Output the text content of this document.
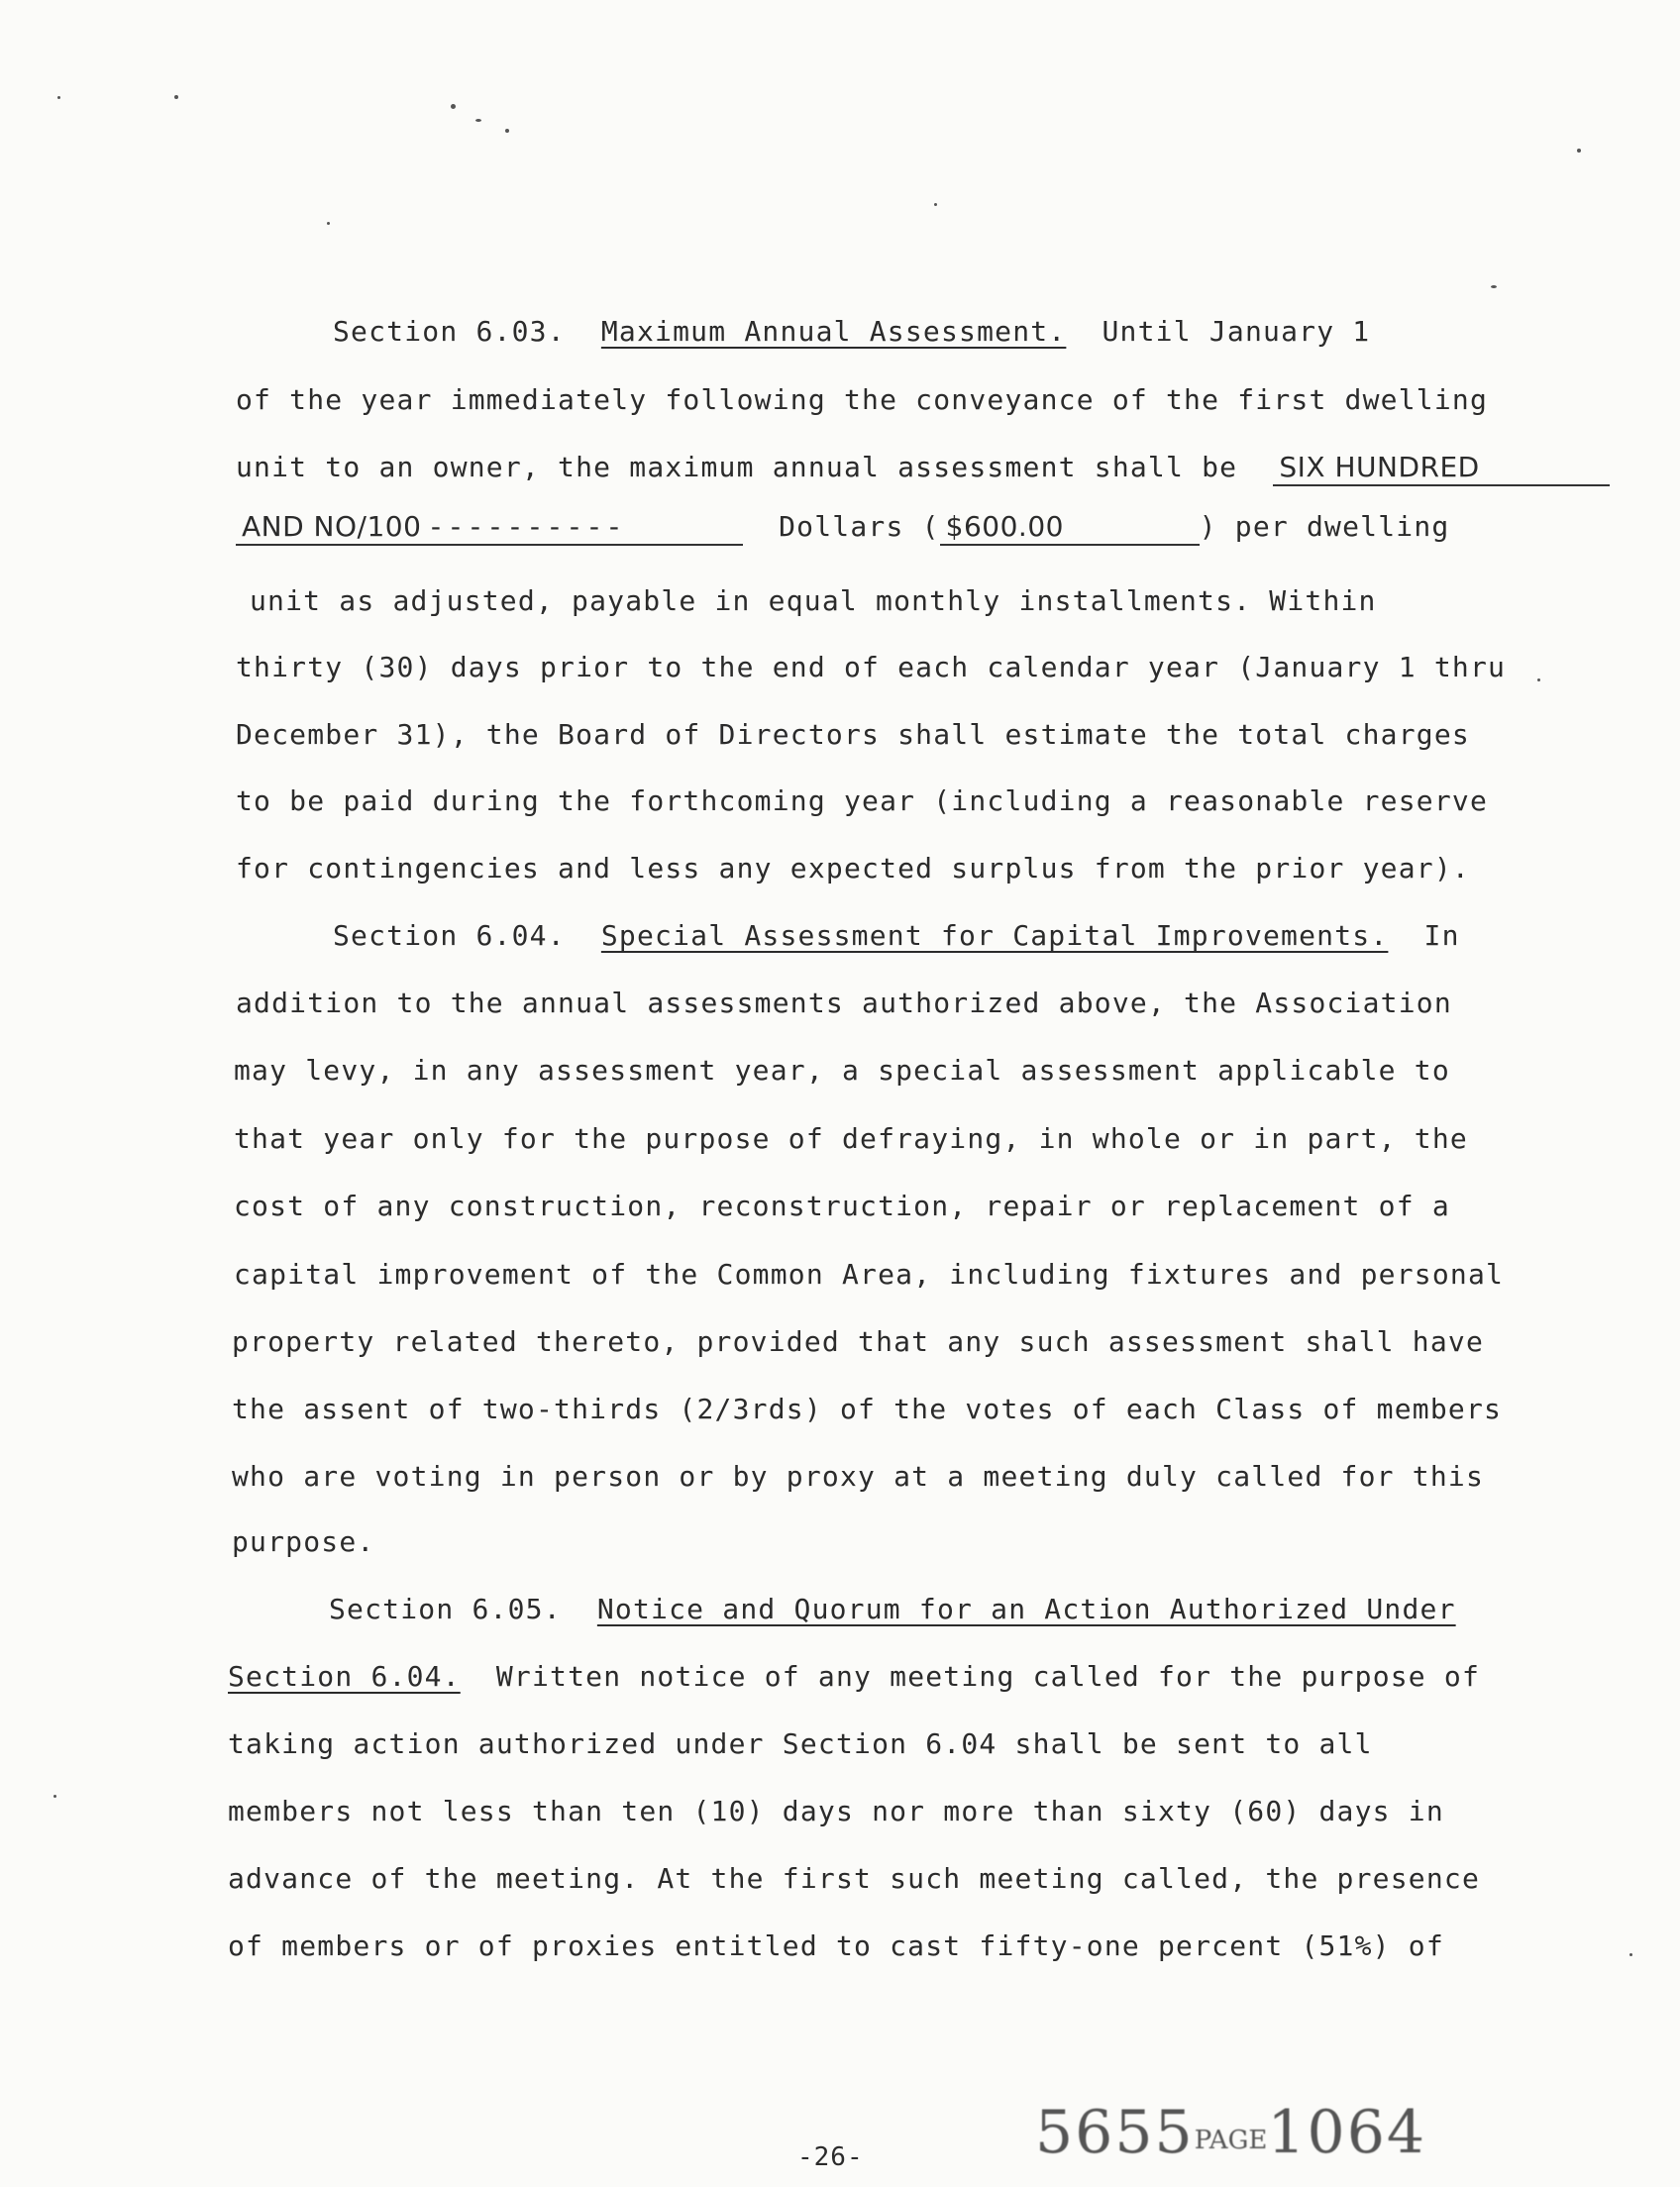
Section 6.03. Maximum Annual Assessment. Until January 1
of the year immediately following the conveyance of the first dwelling
unit to an owner, the maximum annual assessment shall be SIX HUNDRED
AND NO/100 - - - - - - - - - -	Dollars ( $600.00	) per dwelling
unit as adjusted, payable in equal monthly installments. Within
thirty (30) days prior to the end of each calendar year (January 1 thru
December 31), the Board of Directors shall estimate the total charges
to be paid during the forthcoming year (including a reasonable reserve
for contingencies and less any expected surplus from the prior year).
Section 6.04. Special Assessment for Capital Improvements. In
addition to the annual assessments authorized above, the Association
may levy, in any assessment year, a special assessment applicable to
that year only for the purpose of defraying, in whole or in part, the
cost of any construction, reconstruction, repair or replacement of a
capital improvement of the Common Area, including fixtures and personal
property related thereto, provided that any such assessment shall have
the assent of two-thirds (2/3rds) of the votes of each Class of members
who are voting in person or by proxy at a meeting duly called for this
purpose.
Section 6.05. Notice and Quorum for an Action Authorized Under
Section 6.04. Written notice of any meeting called for the purpose of
taking action authorized under Section 6.04 shall be sent to all
members not less than ten (10) days nor more than sixty (60) days in
advance of the meeting. At the first such meeting called, the presence
of members or of proxies entitled to cast fifty-one percent (51%) of
-26-	5655PAGE1064
